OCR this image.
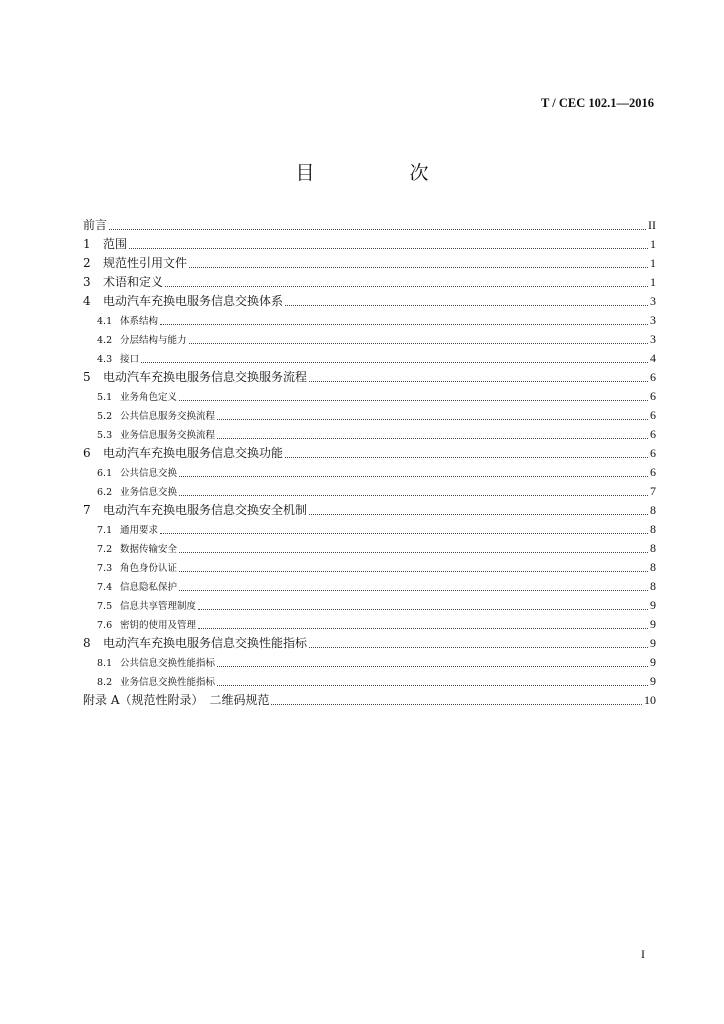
T / CEC 102.1—2016
目　次
前言	II
1	范围	1
2	规范性引用文件	1
3	术语和定义	1
4	电动汽车充换电服务信息交换体系	3
4.1 体系结构	3
4.2 分层结构与能力	3
4.3 接口	4
5	电动汽车充换电服务信息交换服务流程	6
5.1 业务角色定义	6
5.2 公共信息服务交换流程	6
5.3 业务信息服务交换流程	6
6	电动汽车充换电服务信息交换功能	6
6.1 公共信息交换	6
6.2 业务信息交换	7
7	电动汽车充换电服务信息交换安全机制	8
7.1 通用要求	8
7.2 数据传输安全	8
7.3 角色身份认证	8
7.4 信息隐私保护	8
7.5 信息共享管理制度	9
7.6 密钥的使用及管理	9
8	电动汽车充换电服务信息交换性能指标	9
8.1 公共信息交换性能指标	9
8.2 业务信息交换性能指标	9
附录 A（规范性附录）　二维码规范	10
I
